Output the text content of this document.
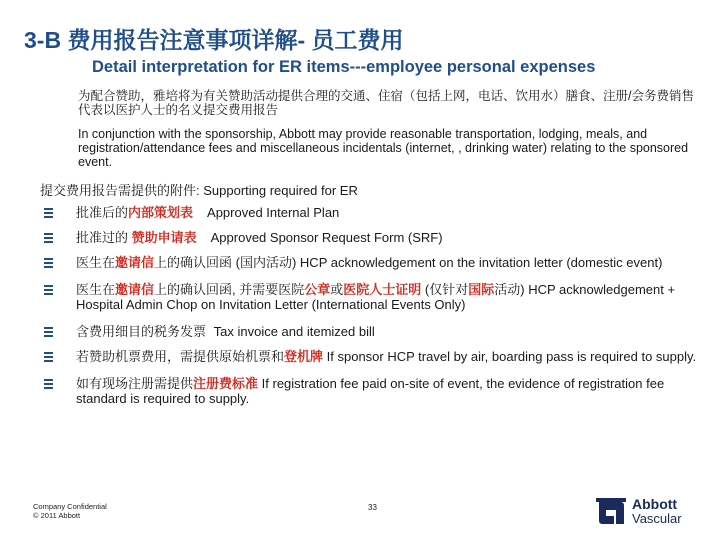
3-B 费用报告注意事项详解- 员工费用
Detail interpretation for ER items---employee personal expenses
为配合赞助，雅培将为有关赞助活动提供合理的交通、住宿（包括上网，电话、饮用水）膳食、注册/会务费销售代表以医护人士的名义提交费用报告
In conjunction with the sponsorship, Abbott may provide reasonable transportation, lodging, meals, and registration/attendance fees and miscellaneous incidentals (internet, , drinking water) relating to the sponsored event.
提交费用报告需提供的附件: Supporting required for ER
批准后的内部策划表 Approved Internal Plan
批准过的 赞助申请表 Approved Sponsor Request Form (SRF)
医生在邀请信上的确认回函 (国内活动) HCP acknowledgement on the invitation letter (domestic event)
医生在邀请信上的确认回函, 并需要医院公章或医院人士证明 (仅针对国际活动) HCP acknowledgement + Hospital Admin Chop on Invitation Letter (International Events Only)
含费用细目的税务发票 Tax invoice and itemized bill
若赞助机票费用，需提供原始机票和登机牌 If sponsor HCP travel by air, boarding pass is required to supply.
如有现场注册需提供注册费标准 If registration fee paid on-site of event, the evidence of registration fee standard is required to supply.
Company Confidential
© 2011 Abbott
33	Abbott
Vascular
